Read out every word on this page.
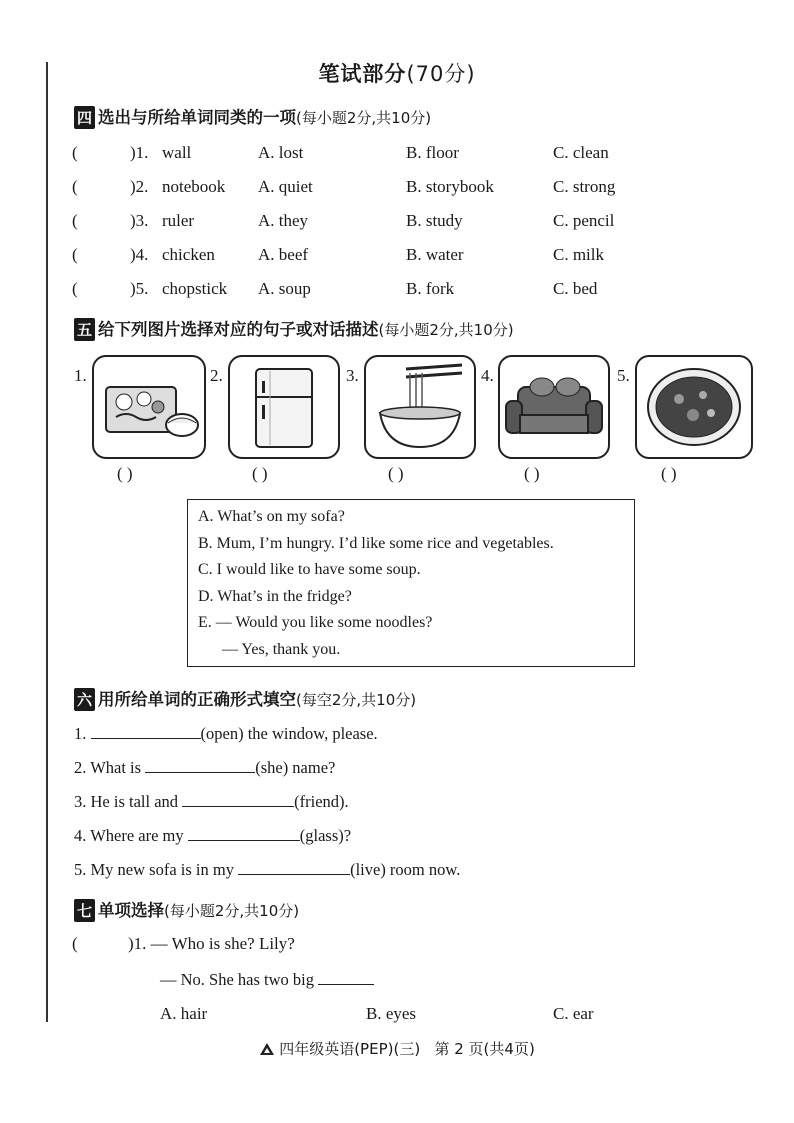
笔试部分(70分)
四 选出与所给单词同类的一项(每小题2分,共10分)
(	)1. wall	A. lost	B. floor	C. clean
(	)2. notebook A. quiet	B. storybook	C. strong
(	)3. ruler	A. they	B. study	C. pencil
(	)4. chicken	A. beef	B. water	C. milk
(	)5. chopstick A. soup	B. fork	C. bed
五 给下列图片选择对应的句子或对话描述(每小题2分,共10分)
1.	2.	3.	4.	5.
( )	( )	( )	( )	( )
A. What’s on my sofa?
B. Mum, I’m hungry. I’d like some rice and vegetables.
C. I would like to have some soup.
D. What’s in the fridge?
E. — Would you like some noodles?
— Yes, thank you.
六 用所给单词的正确形式填空(每空2分,共10分)
1.	(open) the window, please.
2. What is	(she) name?
3. He is tall and	(friend).
4. Where are my	(glass)?
5. My new sofa is in my	(live) room now.
七 单项选择(每小题2分,共10分)
(	)1. — Who is she? Lily?
— No. She has two big
A. hair	B. eyes	C. ear
四年级英语(PEP)(三)   第 2 页(共4页)
